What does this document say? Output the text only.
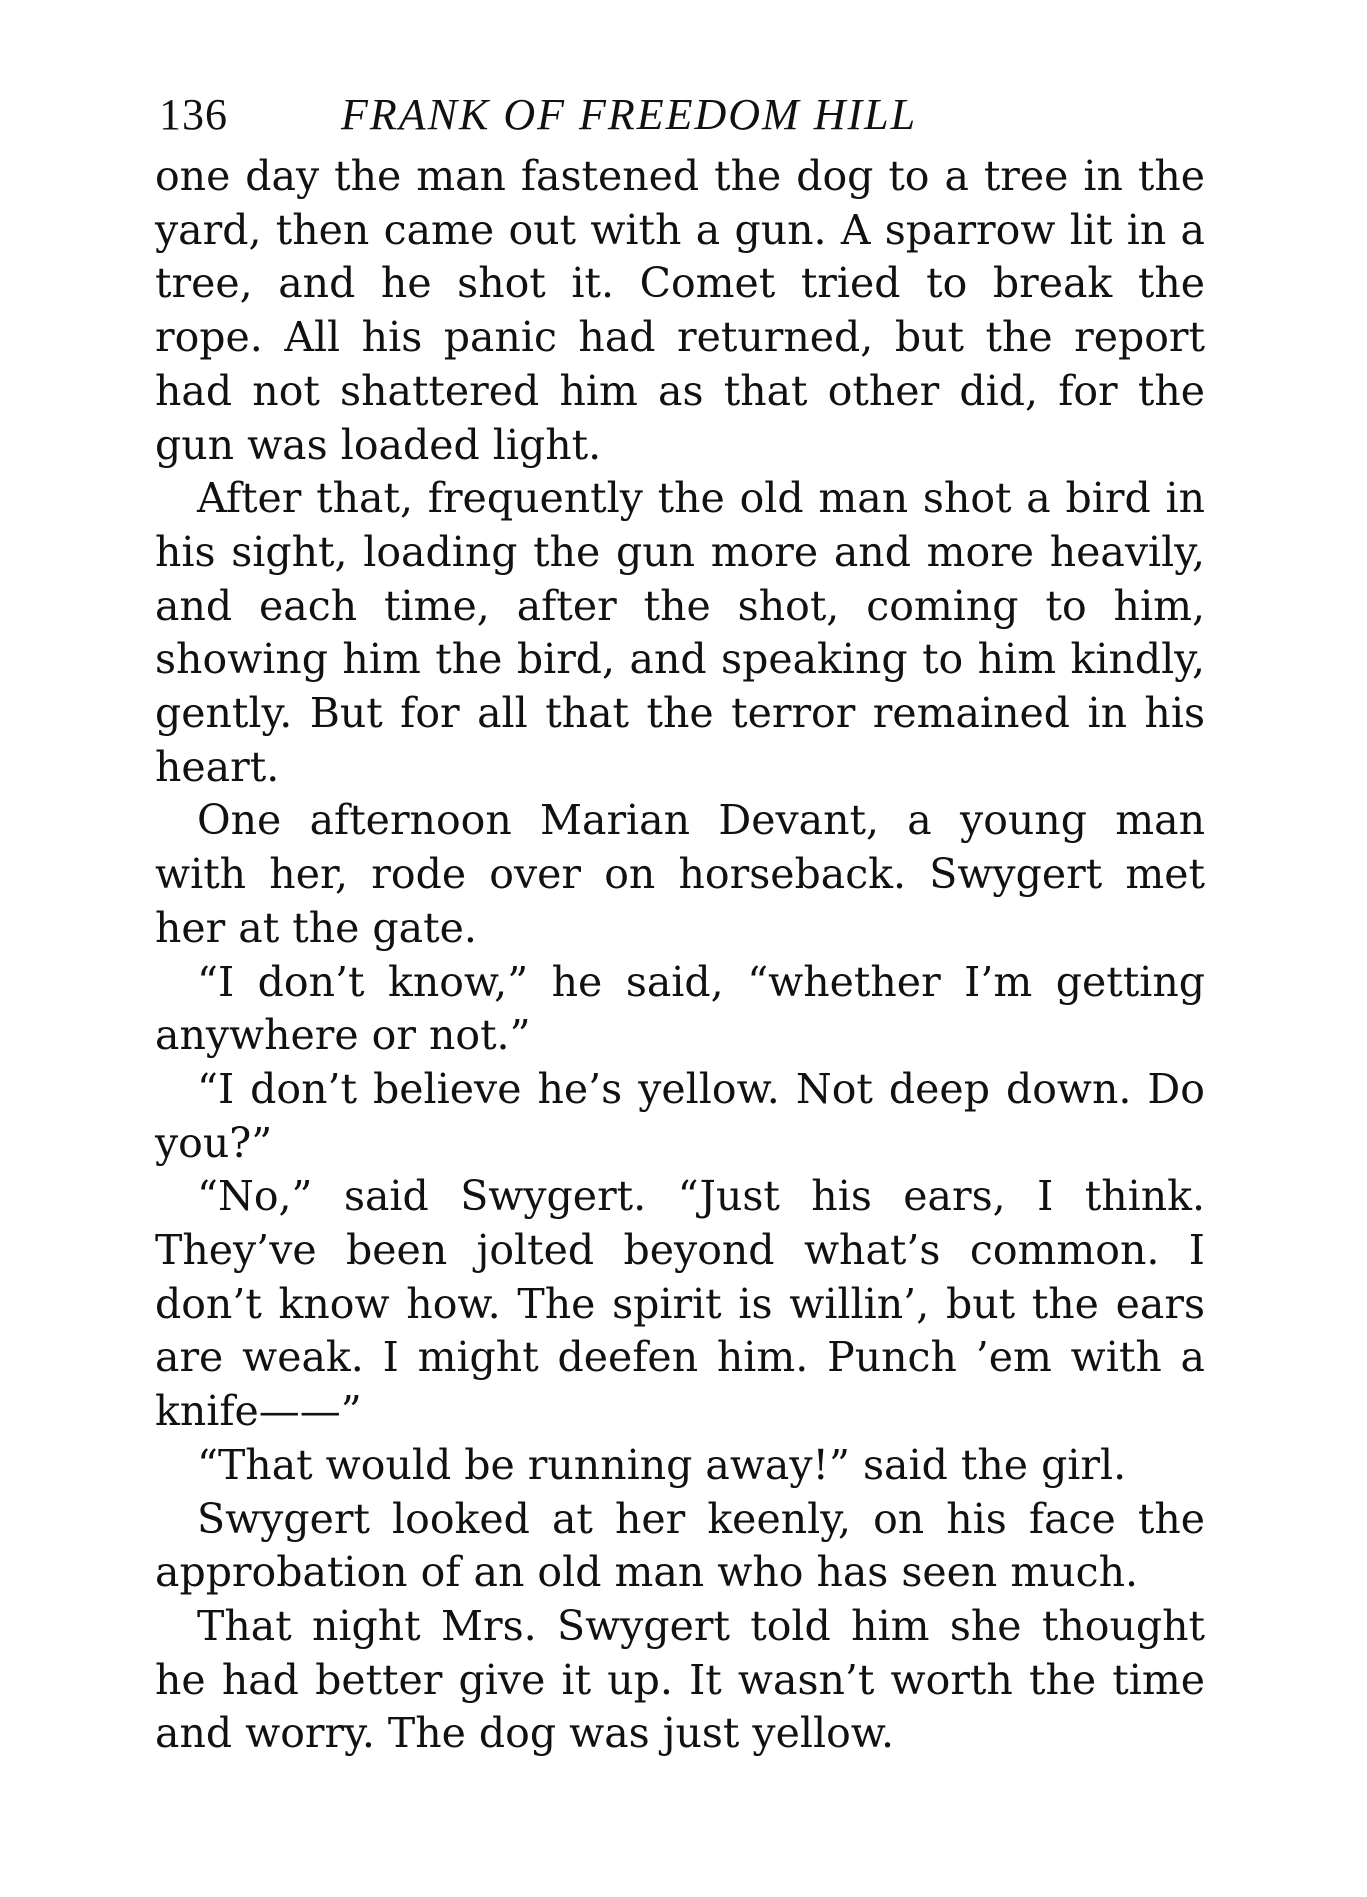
136	FRANK OF FREEDOM HILL

one day the man fastened the dog to a tree in the yard, then came out with a gun. A sparrow lit in a tree, and he shot it. Comet tried to break the rope. All his panic had returned, but the report had not shattered him as that other did, for the gun was loaded light.

After that, frequently the old man shot a bird in his sight, loading the gun more and more heavily, and each time, after the shot, coming to him, showing him the bird, and speaking to him kindly, gently. But for all that the terror remained in his heart.

One afternoon Marian Devant, a young man with her, rode over on horseback. Swygert met her at the gate.

“I don’t know,” he said, “whether I’m getting anywhere or not.”

“I don’t believe he’s yellow. Not deep down. Do you?”

“No,” said Swygert. “Just his ears, I think. They’ve been jolted beyond what’s common. I don’t know how. The spirit is willin’, but the ears are weak. I might deefen him. Punch ’em with a knife——”

“That would be running away!” said the girl.

Swygert looked at her keenly, on his face the approbation of an old man who has seen much.

That night Mrs. Swygert told him she thought he had better give it up. It wasn’t worth the time and worry. The dog was just yellow.
